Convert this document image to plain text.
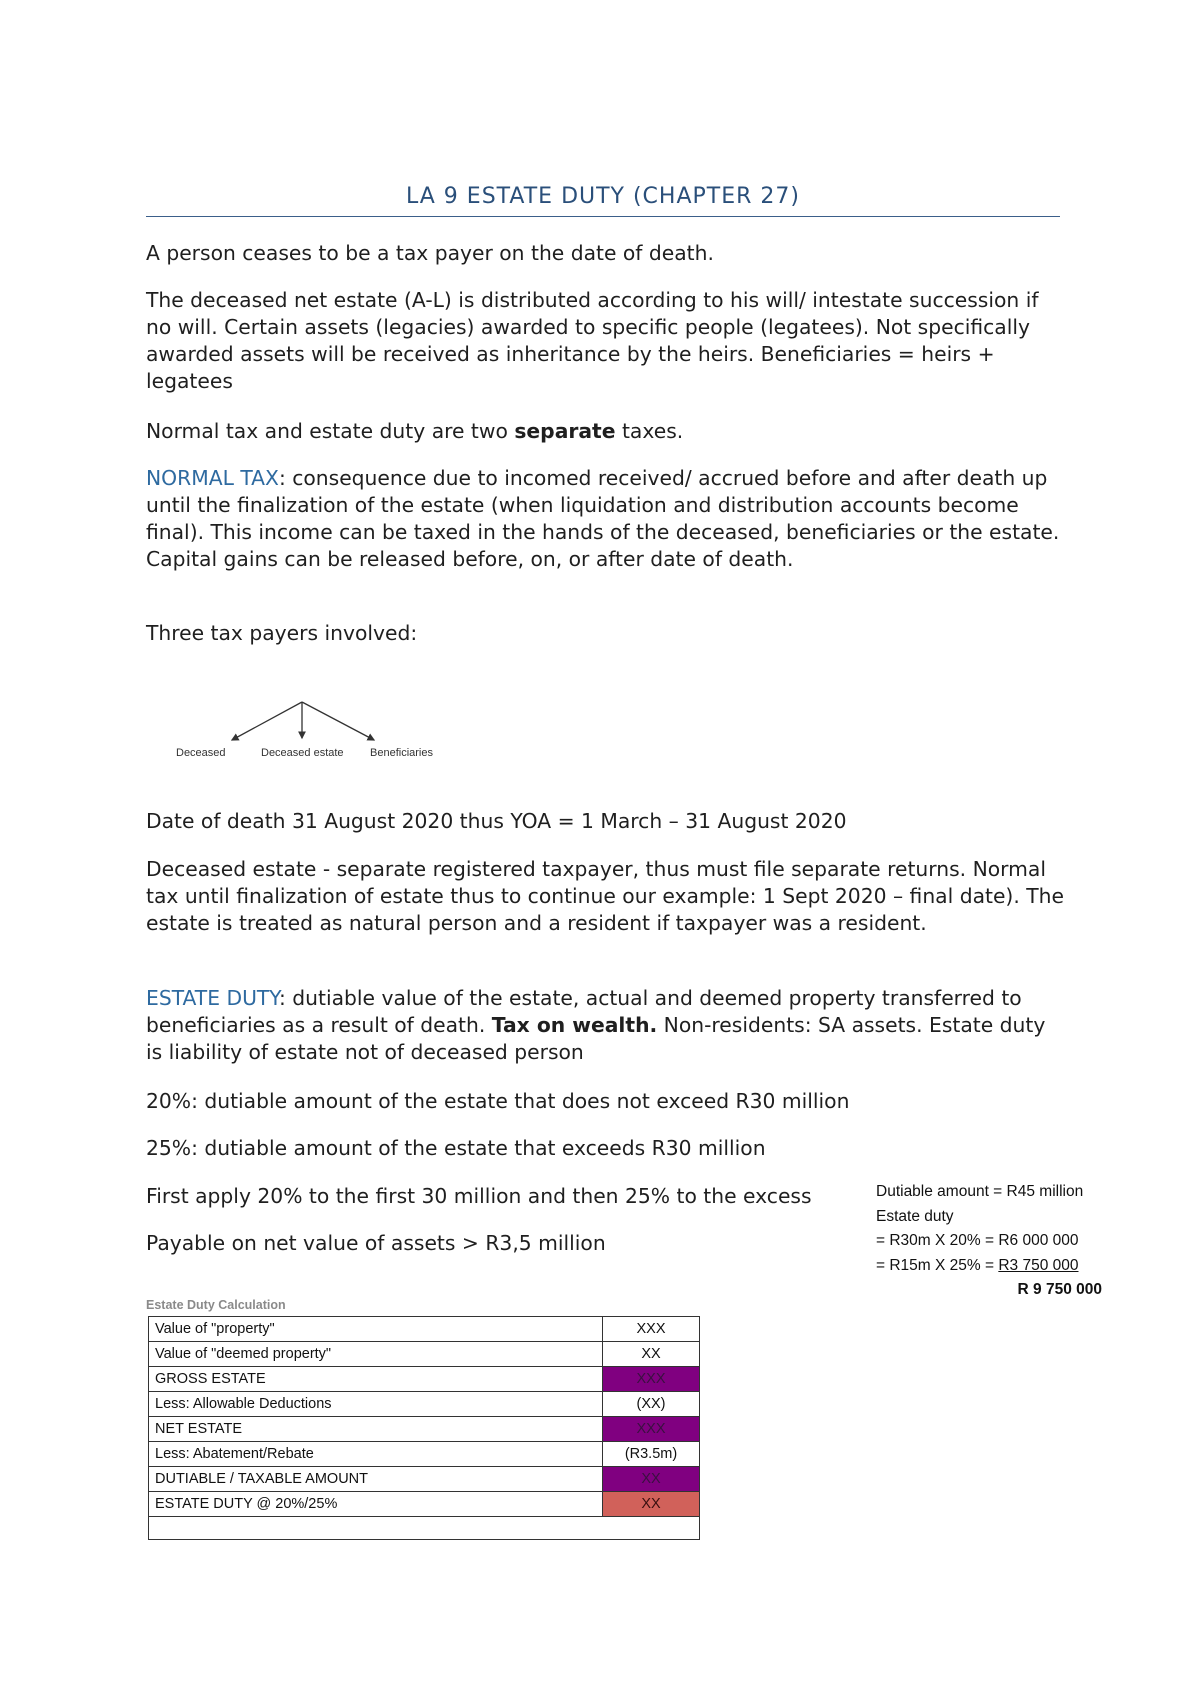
LA 9 ESTATE DUTY (CHAPTER 27)

A person ceases to be a tax payer on the date of death.

The deceased net estate (A-L) is distributed according to his will/ intestate succession if no will. Certain assets (legacies) awarded to specific people (legatees). Not specifically awarded assets will be received as inheritance by the heirs. Beneficiaries = heirs + legatees

Normal tax and estate duty are two separate taxes.

NORMAL TAX: consequence due to incomed received/ accrued before and after death up until the finalization of the estate (when liquidation and distribution accounts become final). This income can be taxed in the hands of the deceased, beneficiaries or the estate. Capital gains can be released before, on, or after date of death.

Three tax payers involved:

Deceased	Deceased estate Beneficiaries

Date of death 31 August 2020 thus YOA = 1 March – 31 August 2020

Deceased estate - separate registered taxpayer, thus must file separate returns. Normal tax until finalization of estate thus to continue our example: 1 Sept 2020 – final date). The estate is treated as natural person and a resident if taxpayer was a resident.

ESTATE DUTY: dutiable value of the estate, actual and deemed property transferred to beneficiaries as a result of death. Tax on wealth. Non-residents: SA assets. Estate duty is liability of estate not of deceased person

20%: dutiable amount of the estate that does not exceed R30 million

25%: dutiable amount of the estate that exceeds R30 million

First apply 20% to the first 30 million and then 25% to the excess

Payable on net value of assets > R3,5 million

Dutiable amount = R45 million
Estate duty
= R30m X 20% = R6 000 000
= R15m X 25% = R3 750 000
R 9 750 000
Estate Duty Calculation
Value of "property"	XXX
Value of "deemed property"	XX
GROSS ESTATE	XXX
Less: Allowable Deductions	(XX)
NET ESTATE	XXX
Less: Abatement/Rebate	(R3.5m)
DUTIABLE / TAXABLE AMOUNT	XX
ESTATE DUTY @ 20%/25%	XX
